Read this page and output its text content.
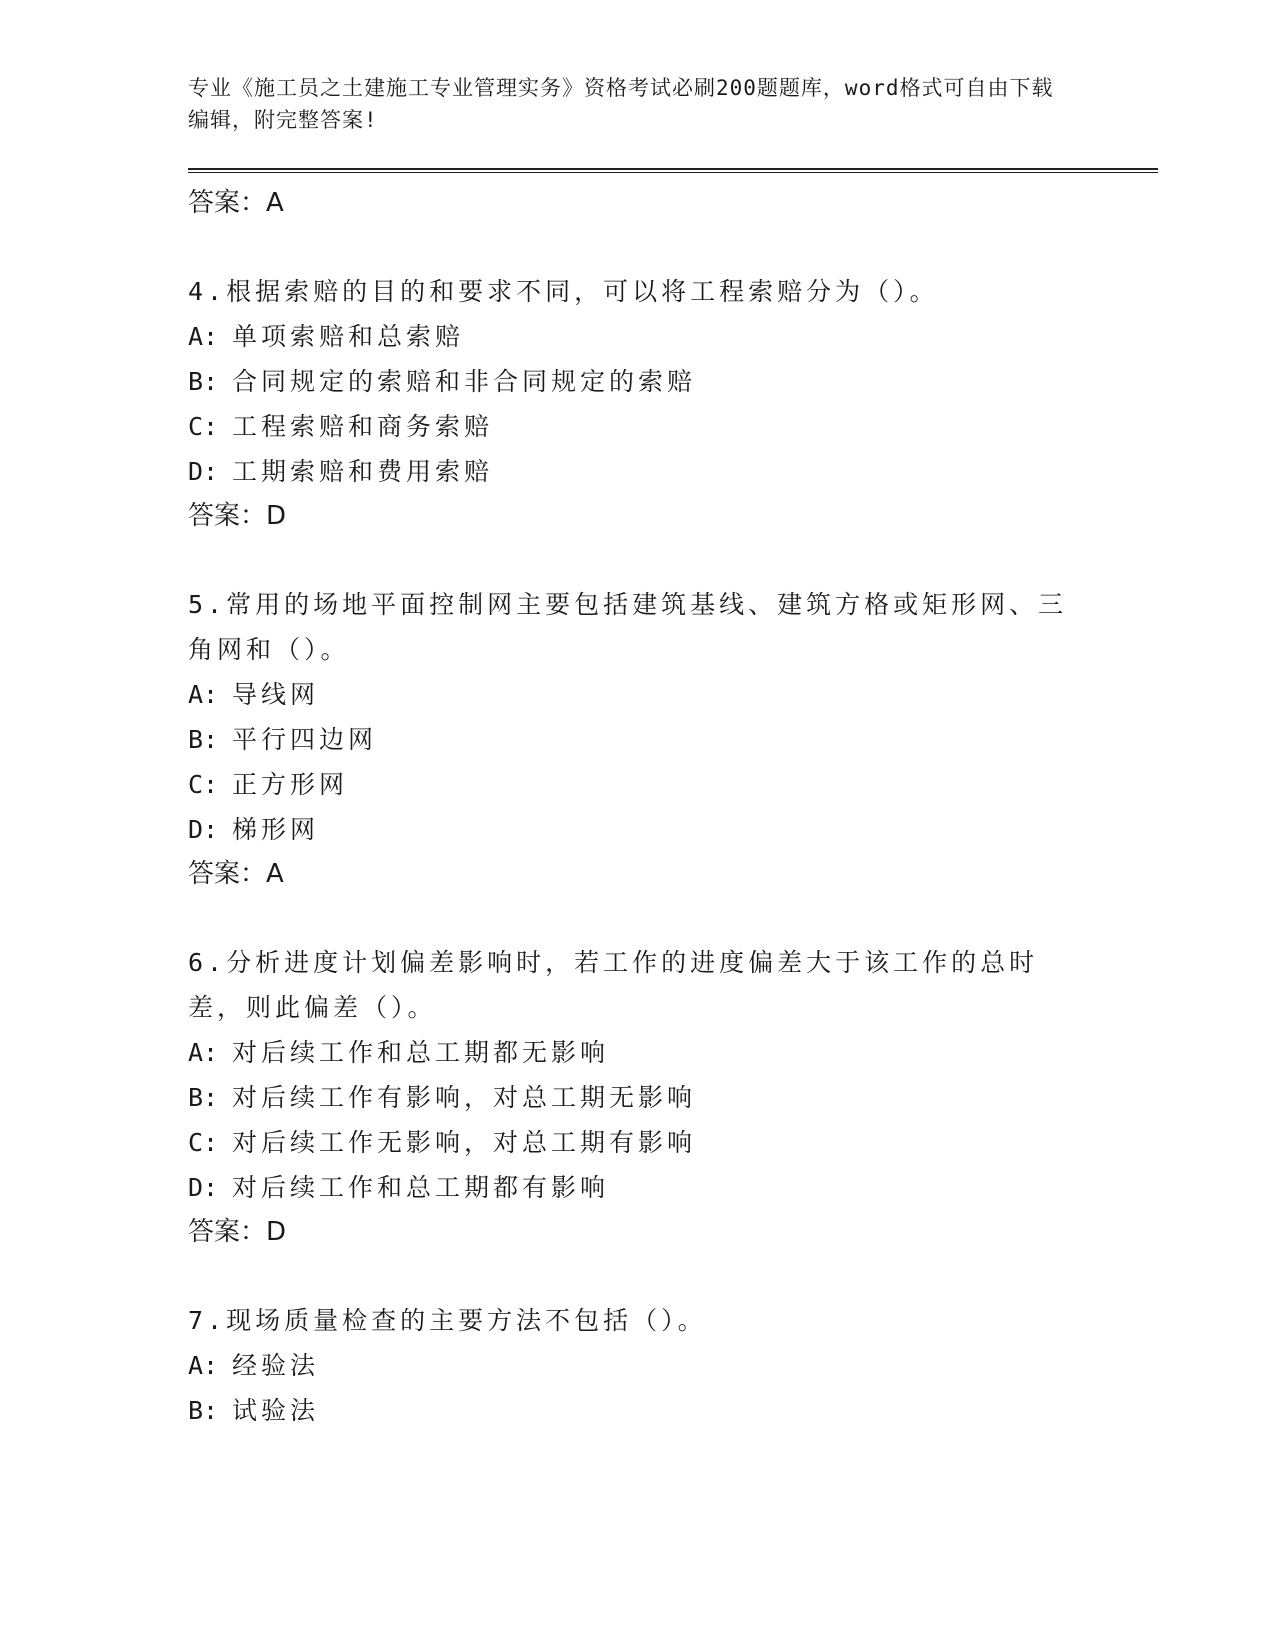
专业《施工员之土建施工专业管理实务》资格考试必刷200题题库，word格式可自由下载编辑，附完整答案!

答案：A
4.根据索赔的目的和要求不同，可以将工程索赔分为（）。
A: 单项索赔和总索赔
B: 合同规定的索赔和非合同规定的索赔
C: 工程索赔和商务索赔
D: 工期索赔和费用索赔
答案：D
5.常用的场地平面控制网主要包括建筑基线、建筑方格或矩形网、三角网和（）。
A: 导线网
B: 平行四边网
C: 正方形网
D: 梯形网
答案：A
6.分析进度计划偏差影响时，若工作的进度偏差大于该工作的总时差，则此偏差（）。
A: 对后续工作和总工期都无影响
B: 对后续工作有影响，对总工期无影响
C: 对后续工作无影响，对总工期有影响
D: 对后续工作和总工期都有影响
答案：D
7.现场质量检查的主要方法不包括（）。
A: 经验法
B: 试验法
